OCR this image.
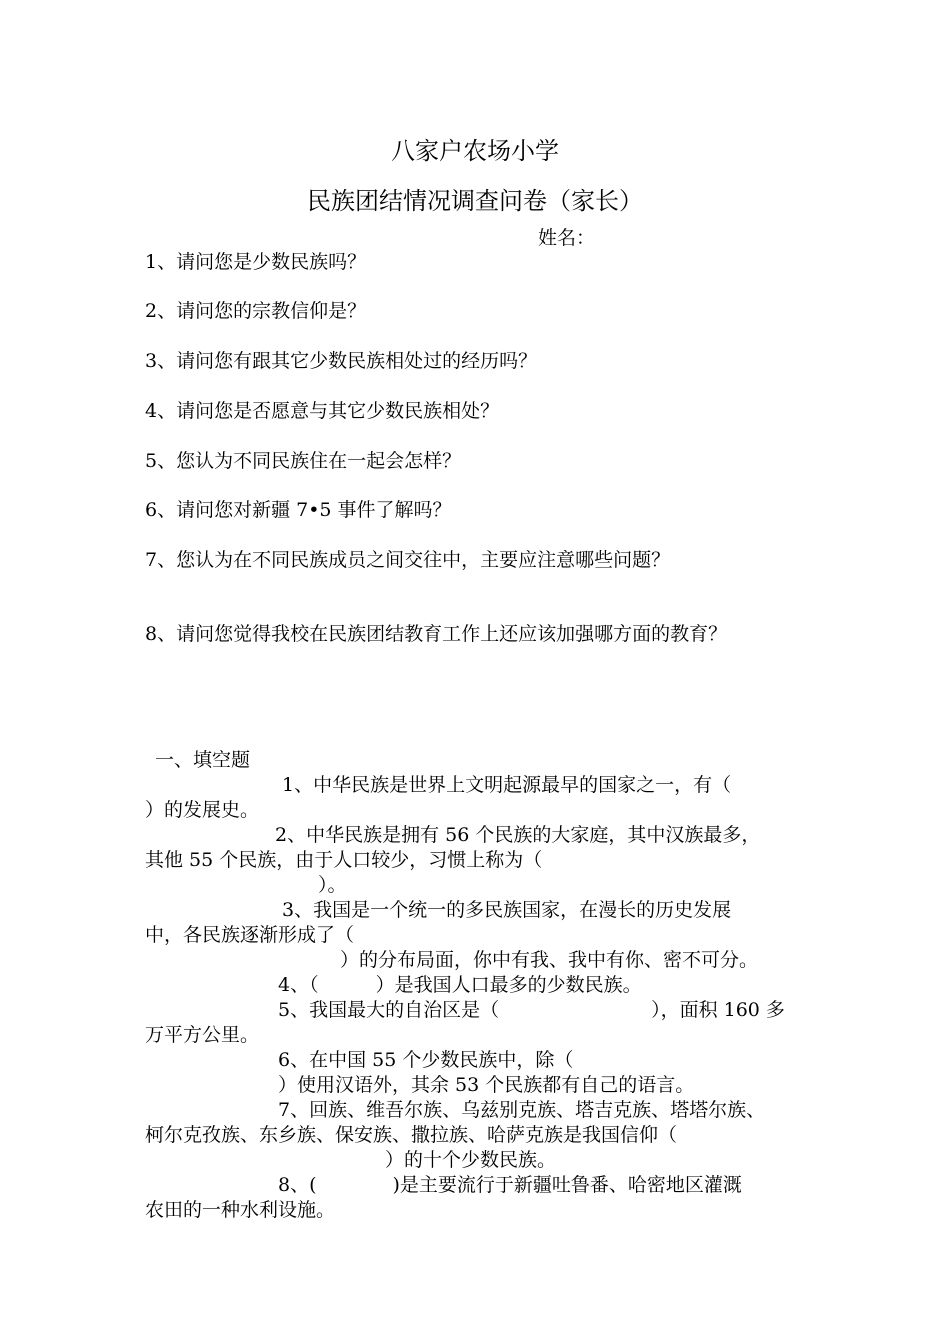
八家户农场小学
民族团结情况调查问卷（家长）
姓名：
1、请问您是少数民族吗？
2、请问您的宗教信仰是？
3、请问您有跟其它少数民族相处过的经历吗？
4、请问您是否愿意与其它少数民族相处？
5、您认为不同民族住在一起会怎样？
6、请问您对新疆 7•5 事件了解吗？
7、您认为在不同民族成员之间交往中，主要应注意哪些问题？
8、请问您觉得我校在民族团结教育工作上还应该加强哪方面的教育？
一、填空题
1、中华民族是世界上文明起源最早的国家之一，有（
）的发展史。
2、中华民族是拥有 56 个民族的大家庭，其中汉族最多，
其他 55 个民族，由于人口较少，习惯上称为（
）。
3、我国是一个统一的多民族国家，在漫长的历史发展
中，各民族逐渐形成了（
）的分布局面，你中有我、我中有你、密不可分。
4、（　　　）是我国人口最多的少数民族。
5、我国最大的自治区是（　　　　　　　　），面积 160 多
万平方公里。
6、在中国 55 个少数民族中，除（
）使用汉语外，其余 53 个民族都有自己的语言。
7、回族、维吾尔族、乌兹别克族、塔吉克族、塔塔尔族、
柯尔克孜族、东乡族、保安族、撒拉族、哈萨克族是我国信仰（
）的十个少数民族。
8、(　　　　)是主要流行于新疆吐鲁番、哈密地区灌溉
农田的一种水利设施。
